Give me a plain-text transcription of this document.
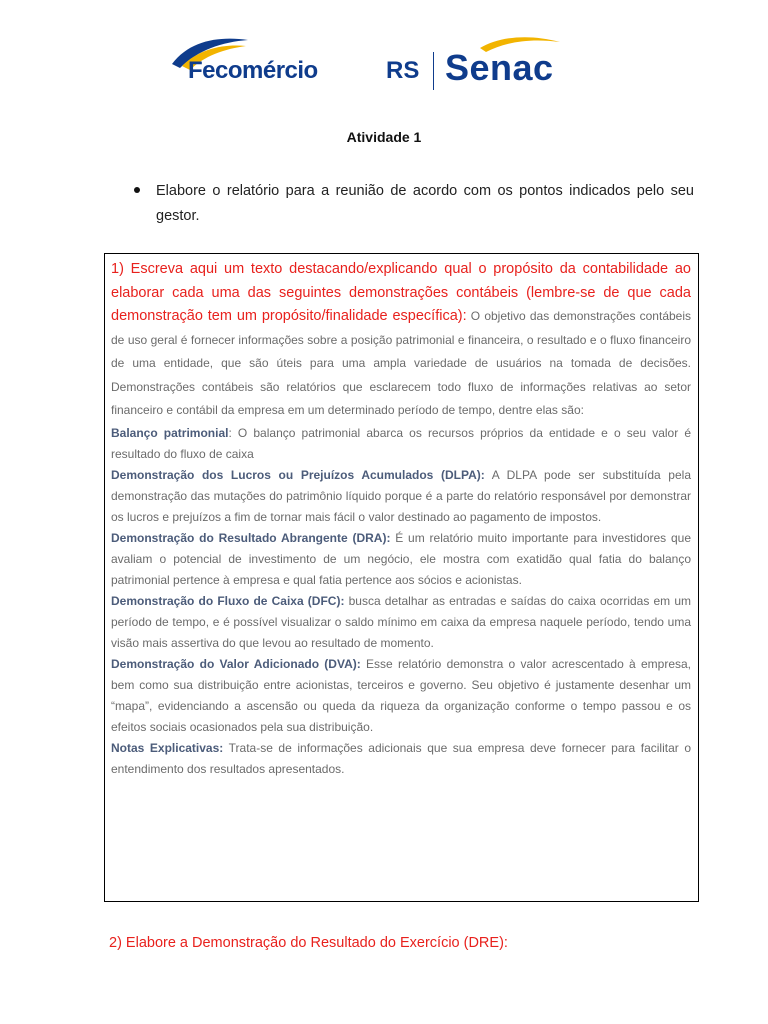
Fecomércio	RS Senac
Atividade 1
Elabore o relatório para a reunião de acordo com os pontos indicados pelo seu gestor.

1) Escreva aqui um texto destacando/explicando qual o propósito da contabilidade ao elaborar cada uma das seguintes demonstrações contábeis (lembre-se de que cada demonstração tem um propósito/finalidade específica): O objetivo das demonstrações contábeis de uso geral é fornecer informações sobre a posição patrimonial e financeira, o resultado e o fluxo financeiro de uma entidade, que são úteis para uma ampla variedade de usuários na tomada de decisões. Demonstrações contábeis são relatórios que esclarecem todo fluxo de informações relativas ao setor financeiro e contábil da empresa em um determinado período de tempo, dentre elas são:

Balanço patrimonial: O balanço patrimonial abarca os recursos próprios da entidade e o seu valor é resultado do fluxo de caixa

Demonstração dos Lucros ou Prejuízos Acumulados (DLPA): A DLPA pode ser substituída pela demonstração das mutações do patrimônio líquido porque é a parte do relatório responsável por demonstrar os lucros e prejuízos a fim de tornar mais fácil o valor destinado ao pagamento de impostos.

Demonstração do Resultado Abrangente (DRA): É um relatório muito importante para investidores que avaliam o potencial de investimento de um negócio, ele mostra com exatidão qual fatia do balanço patrimonial pertence à empresa e qual fatia pertence aos sócios e acionistas.

Demonstração do Fluxo de Caixa (DFC): busca detalhar as entradas e saídas do caixa ocorridas em um período de tempo, e é possível visualizar o saldo mínimo em caixa da empresa naquele período, tendo uma visão mais assertiva do que levou ao resultado de momento.

Demonstração do Valor Adicionado (DVA): Esse relatório demonstra o valor acrescentado à empresa, bem como sua distribuição entre acionistas, terceiros e governo. Seu objetivo é justamente desenhar um “mapa”, evidenciando a ascensão ou queda da riqueza da organização conforme o tempo passou e os efeitos sociais ocasionados pela sua distribuição.

Notas Explicativas: Trata-se de informações adicionais que sua empresa deve fornecer para facilitar o entendimento dos resultados apresentados.

2) Elabore a Demonstração do Resultado do Exercício (DRE):
